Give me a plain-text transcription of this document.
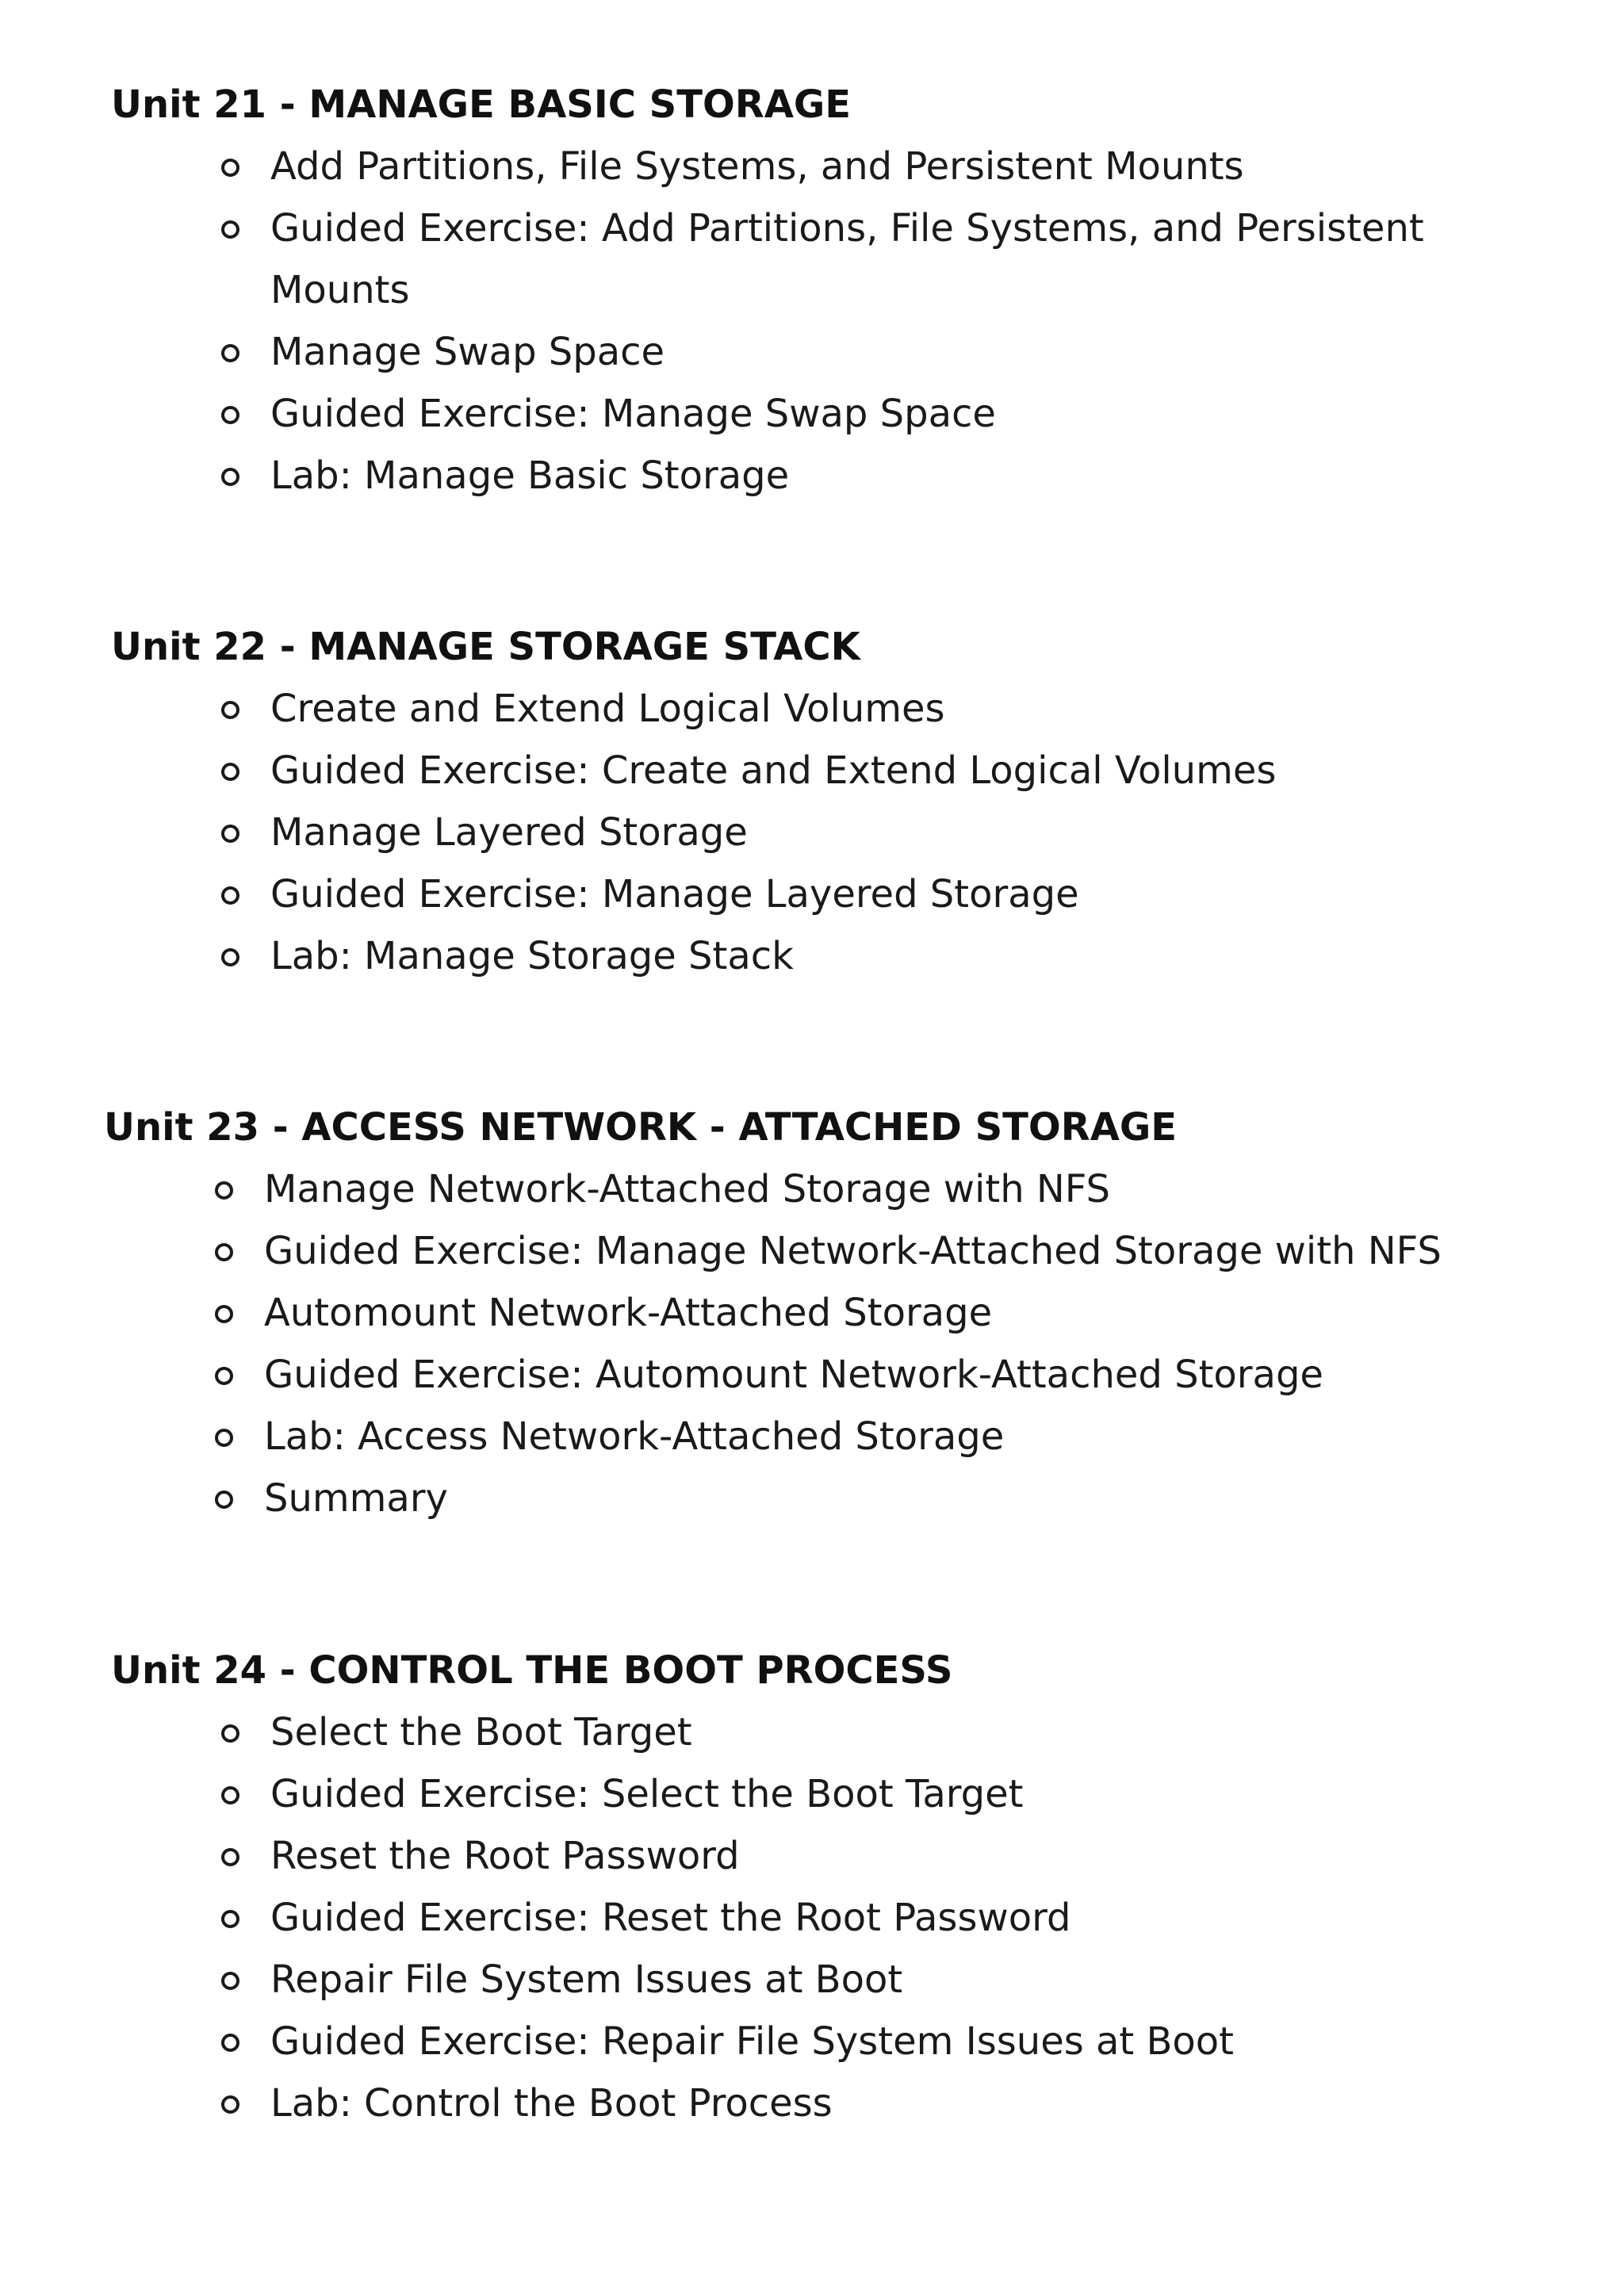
Unit 21 - MANAGE BASIC STORAGE
Add Partitions, File Systems, and Persistent Mounts
Guided Exercise: Add Partitions, File Systems, and Persistent Mounts
Manage Swap Space
Guided Exercise: Manage Swap Space
Lab: Manage Basic Storage
Unit 22 - MANAGE STORAGE STACK
Create and Extend Logical Volumes
Guided Exercise: Create and Extend Logical Volumes
Manage Layered Storage
Guided Exercise: Manage Layered Storage
Lab: Manage Storage Stack
Unit 23 - ACCESS NETWORK - ATTACHED STORAGE
Manage Network-Attached Storage with NFS
Guided Exercise: Manage Network-Attached Storage with NFS
Automount Network-Attached Storage
Guided Exercise: Automount Network-Attached Storage
Lab: Access Network-Attached Storage
Summary
Unit 24 - CONTROL THE BOOT PROCESS
Select the Boot Target
Guided Exercise: Select the Boot Target
Reset the Root Password
Guided Exercise: Reset the Root Password
Repair File System Issues at Boot
Guided Exercise: Repair File System Issues at Boot
Lab: Control the Boot Process
